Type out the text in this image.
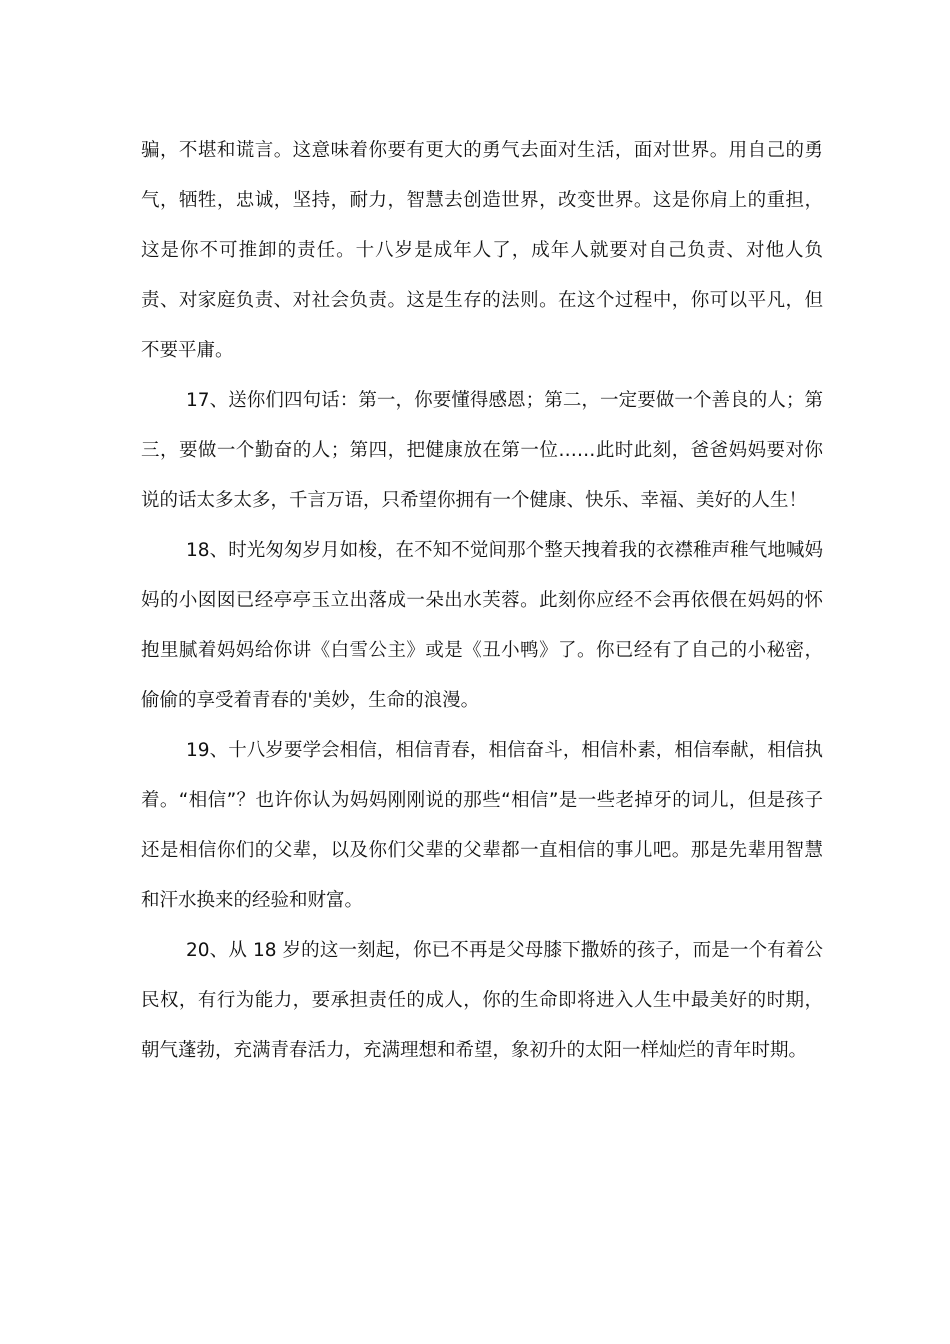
骗，不堪和谎言。这意味着你要有更大的勇气去面对生活，面对世界。用自己的勇气，牺牲，忠诚，坚持，耐力，智慧去创造世界，改变世界。这是你肩上的重担，这是你不可推卸的责任。十八岁是成年人了，成年人就要对自己负责、对他人负责、对家庭负责、对社会负责。这是生存的法则。在这个过程中，你可以平凡，但不要平庸。

17、送你们四句话：第一，你要懂得感恩；第二，一定要做一个善良的人；第三，要做一个勤奋的人；第四，把健康放在第一位……此时此刻，爸爸妈妈要对你说的话太多太多，千言万语，只希望你拥有一个健康、快乐、幸福、美好的人生！

18、时光匆匆岁月如梭，在不知不觉间那个整天拽着我的衣襟稚声稚气地喊妈妈的小囡囡已经亭亭玉立出落成一朵出水芙蓉。此刻你应经不会再依偎在妈妈的怀抱里腻着妈妈给你讲《白雪公主》或是《丑小鸭》了。你已经有了自己的小秘密，偷偷的享受着青春的'美妙，生命的浪漫。

19、十八岁要学会相信，相信青春，相信奋斗，相信朴素，相信奉献，相信执着。“相信”？也许你认为妈妈刚刚说的那些“相信”是一些老掉牙的词儿，但是孩子还是相信你们的父辈，以及你们父辈的父辈都一直相信的事儿吧。那是先辈用智慧和汗水换来的经验和财富。

20、从 18 岁的这一刻起，你已不再是父母膝下撒娇的孩子，而是一个有着公民权，有行为能力，要承担责任的成人，你的生命即将进入人生中最美好的时期，朝气蓬勃，充满青春活力，充满理想和希望，象初升的太阳一样灿烂的青年时期。
